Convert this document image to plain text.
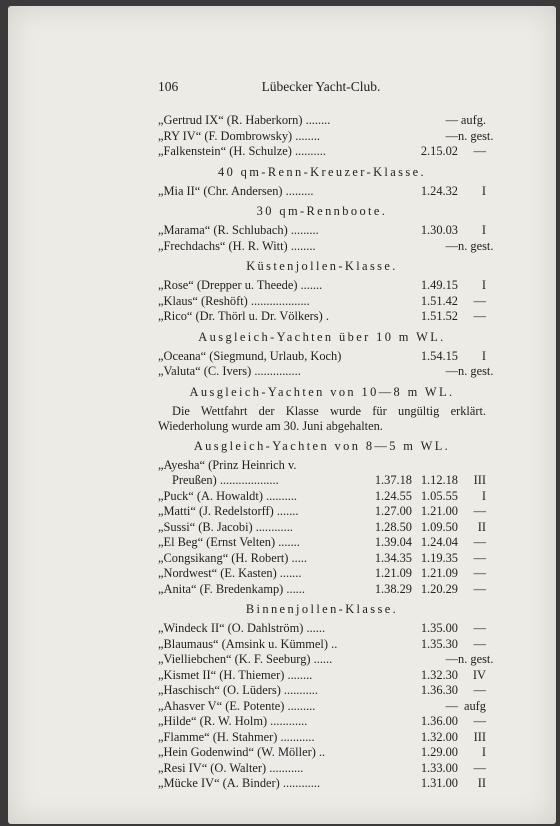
106	Lübecker Yacht-Club.
„Gertrud IX“ (R. Haberkorn) ........	— aufg.
„RY IV“ (F. Dombrowsky) ........	— n. gest.
„Falkenstein“ (H. Schulze) ..........	2.15.02	—
40 qm-Renn-Kreuzer-Klasse.
„Mia II“ (Chr. Andersen) .........	1.24.32	I
30 qm-Rennboote.
„Marama“ (R. Schlubach) .........	1.30.03	I
„Frechdachs“ (H. R. Witt) ........	— n. gest.
Küstenjollen-Klasse.
„Rose“ (Drepper u. Theede) .......	1.49.15	I
„Klaus“ (Reshöft) ...................	1.51.42	—
„Rico“ (Dr. Thörl u. Dr. Völkers) .	1.51.52	—
Ausgleich-Yachten über 10 m WL.
„Oceana“ (Siegmund, Urlaub, Koch)	1.54.15	I
„Valuta“ (C. Ivers) ...............	— n. gest.
Ausgleich-Yachten von 10—8 m WL.
Die Wettfahrt der Klasse wurde für ungültig erklärt. Wiederholung wurde am 30. Juni abgehalten.
Ausgleich-Yachten von 8—5 m WL.
„Ayesha“ (Prinz Heinrich v.
Preußen) ...................	1.37.18 1.12.18	III
„Puck“ (A. Howaldt) ..........	1.24.55 1.05.55	I
„Matti“ (J. Redelstorff) .......	1.27.00 1.21.00	—
„Sussi“ (B. Jacobi) ............	1.28.50 1.09.50	II
„El Beg“ (Ernst Velten) .......	1.39.04 1.24.04	—
„Congsikang“ (H. Robert) .....	1.34.35 1.19.35	—
„Nordwest“ (E. Kasten) .......	1.21.09 1.21.09	—
„Anita“ (F. Bredenkamp) ......	1.38.29 1.20.29	—
Binnenjollen-Klasse.
„Windeck II“ (O. Dahlström) ......	1.35.00	—
„Blaumaus“ (Amsink u. Kümmel) ..	1.35.30	—
„Vielliebchen“ (K. F. Seeburg) ......	— n. gest.
„Kismet II“ (H. Thiemer) ........	1.32.30	IV
„Haschisch“ (O. Lüders) ...........	1.36.30	—
„Ahasver V“ (E. Potente) .........	— aufg
„Hilde“ (R. W. Holm) ............	1.36.00	—
„Flamme“ (H. Stahmer) ...........	1.32.00	III
„Hein Godenwind“ (W. Möller) ..	1.29.00	I
„Resi IV“ (O. Walter) ...........	1.33.00	—
„Mücke IV“ (A. Binder) ............	1.31.00	II
